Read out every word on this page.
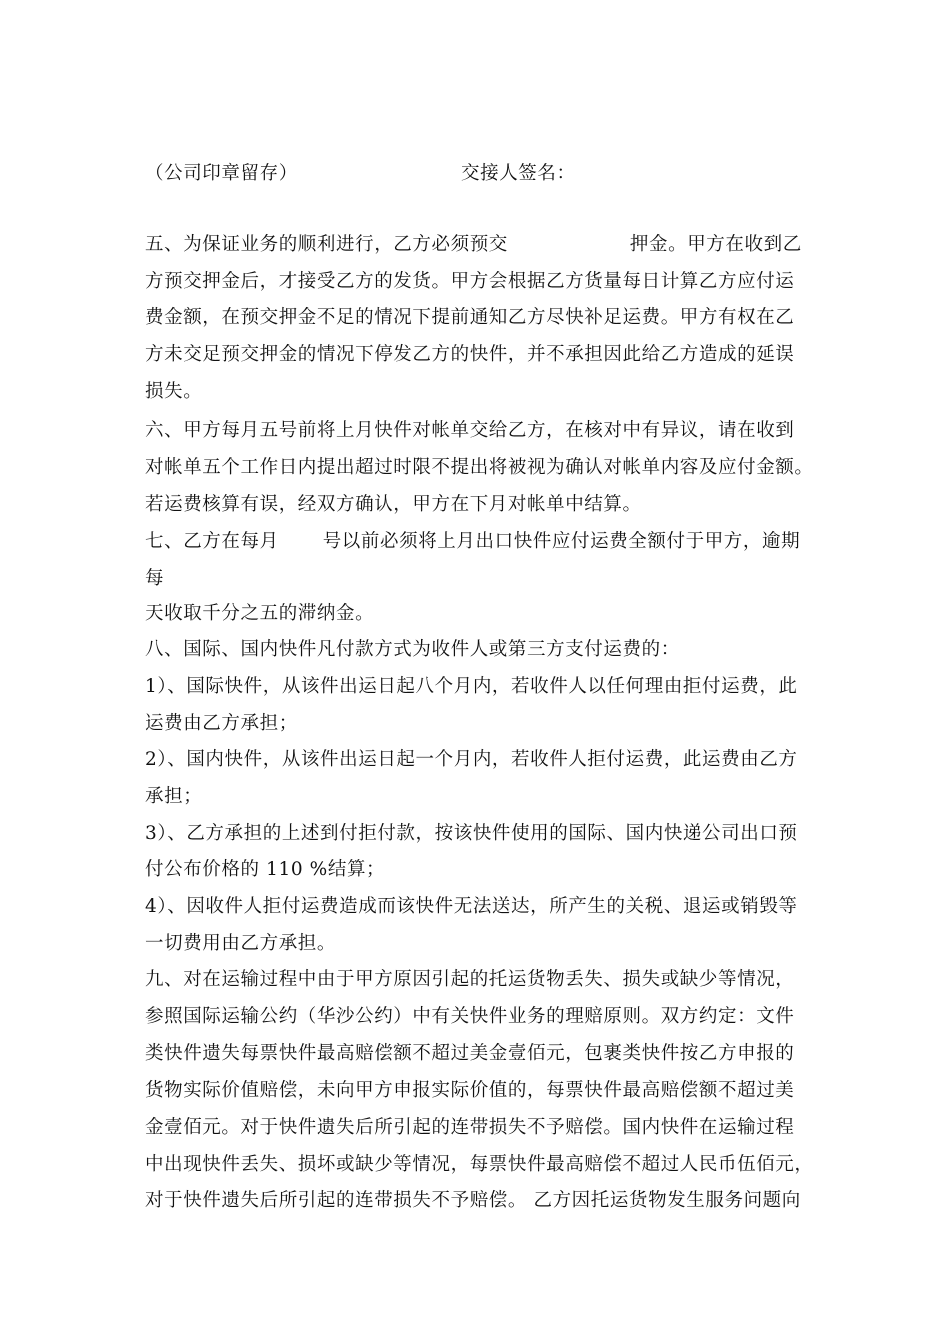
（公司印章留存）

	交接人签名：

五、为保证业务的顺利进行，乙方必须预交	押金。甲方在收到乙
方预交押金后，才接受乙方的发货。甲方会根据乙方货量每日计算乙方应付运
费金额，在预交押金不足的情况下提前通知乙方尽快补足运费。甲方有权在乙
方未交足预交押金的情况下停发乙方的快件，并不承担因此给乙方造成的延误
损失。
六、甲方每月五号前将上月快件对帐单交给乙方，在核对中有异议，请在收到
对帐单五个工作日内提出超过时限不提出将被视为确认对帐单内容及应付金额。
若运费核算有误，经双方确认，甲方在下月对帐单中结算。
七、乙方在每月 号以前必须将上月出口快件应付运费全额付于甲方，逾期
每
天收取千分之五的滞纳金。
八、国际、国内快件凡付款方式为收件人或第三方支付运费的：
1）、国际快件，从该件出运日起八个月内，若收件人以任何理由拒付运费，此
运费由乙方承担；
2）、国内快件，从该件出运日起一个月内，若收件人拒付运费，此运费由乙方
承担；
3）、乙方承担的上述到付拒付款，按该快件使用的国际、国内快递公司出口预
付公布价格的 110 %结算；
4）、因收件人拒付运费造成而该快件无法送达，所产生的关税、退运或销毁等
一切费用由乙方承担。
九、对在运输过程中由于甲方原因引起的托运货物丢失、损失或缺少等情况，
参照国际运输公约（华沙公约）中有关快件业务的理赔原则。双方约定：文件
类快件遗失每票快件最高赔偿额不超过美金壹佰元，包裹类快件按乙方申报的
货物实际价值赔偿，未向甲方申报实际价值的，每票快件最高赔偿额不超过美
金壹佰元。对于快件遗失后所引起的连带损失不予赔偿。国内快件在运输过程
中出现快件丢失、损坏或缺少等情况，每票快件最高赔偿不超过人民币伍佰元，
对于快件遗失后所引起的连带损失不予赔偿。 乙方因托运货物发生服务问题向
